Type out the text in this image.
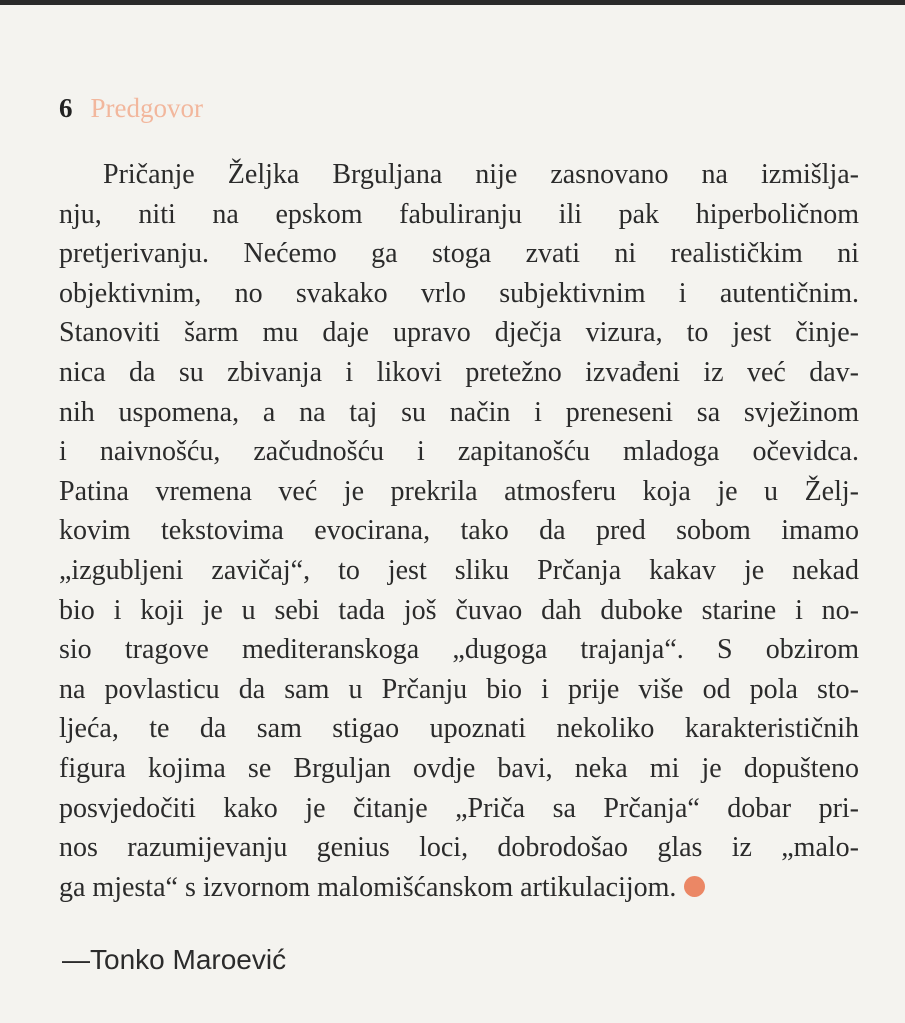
6 Predgovor
Pričanje Željka Brguljana nije zasnovano na izmišlja-
nju, niti na epskom fabuliranju ili pak hiperboličnom
pretjerivanju. Nećemo ga stoga zvati ni realističkim ni
objektivnim, no svakako vrlo subjektivnim i autentičnim.
Stanoviti šarm mu daje upravo dječja vizura, to jest činje-
nica da su zbivanja i likovi pretežno izvađeni iz već dav-
nih uspomena, a na taj su način i preneseni sa svježinom
i naivnošću, začudnošću i zapitanošću mladoga očevidca.
Patina vremena već je prekrila atmosferu koja je u Želj-
kovim tekstovima evocirana, tako da pred sobom imamo
„izgubljeni zavičaj“, to jest sliku Prčanja kakav je nekad
bio i koji je u sebi tada još čuvao dah duboke starine i no-
sio tragove mediteranskoga „dugoga trajanja“. S obzirom
na povlasticu da sam u Prčanju bio i prije više od pola sto-
ljeća, te da sam stigao upoznati nekoliko karakterističnih
figura kojima se Brguljan ovdje bavi, neka mi je dopušteno
posvjedočiti kako je čitanje „Priča sa Prčanja“ dobar pri-
nos razumijevanju genius loci, dobrodošao glas iz „malo-
ga mjesta“ s izvornom malomišćanskom artikulacijom.
—Tonko Maroević
